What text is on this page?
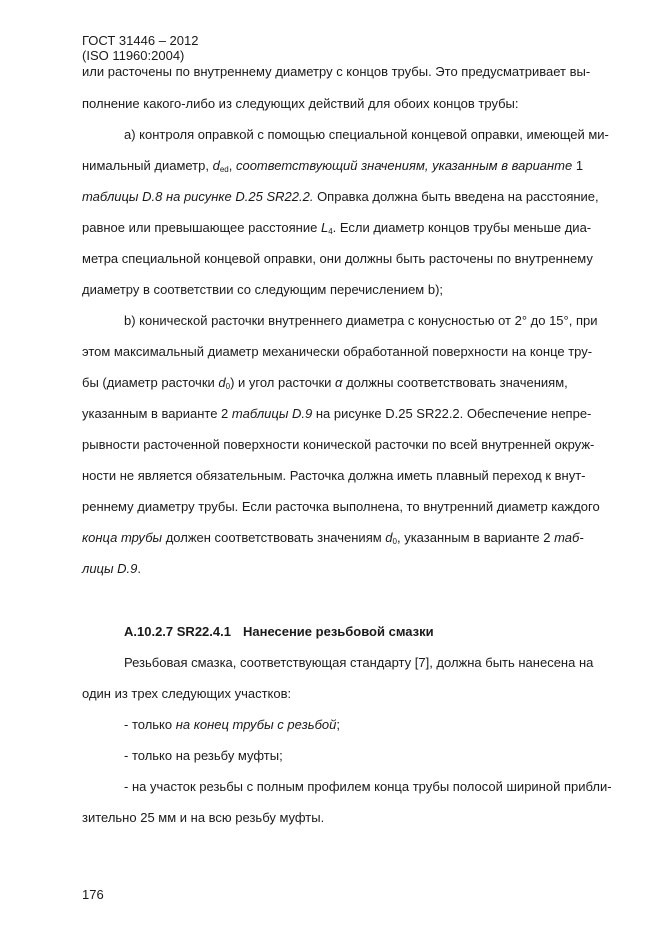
ГОСТ 31446 – 2012
(ISO 11960:2004)
или расточены по внутреннему диаметру с концов трубы. Это предусматривает вы-
полнение какого-либо из следующих действий для обоих концов трубы:
a) контроля оправкой с помощью специальной концевой оправки, имеющей ми-
нимальный диаметр, $d_{ed}$, соответствующий значениям, указанным в варианте 1
таблицы D.8 на рисунке D.25 SR22.2. Оправка должна быть введена на расстояние,
равное или превышающее расстояние $L_4$. Если диаметр концов трубы меньше диа-
метра специальной концевой оправки, они должны быть расточены по внутреннему
диаметру в соответствии со следующим перечислением b);
b) конической расточки внутреннего диаметра с конусностью от 2° до 15°, при
этом максимальный диаметр механически обработанной поверхности на конце тру-
бы (диаметр расточки $d_0$) и угол расточки α должны соответствовать значениям,
указанным в варианте 2 таблицы D.9 на рисунке D.25 SR22.2. Обеспечение непре-
рывности расточенной поверхности конической расточки по всей внутренней окруж-
ности не является обязательным. Расточка должна иметь плавный переход к внут-
реннему диаметру трубы. Если расточка выполнена, то внутренний диаметр каждого
конца трубы должен соответствовать значениям $d_0$, указанным в варианте 2 таб-
лицы D.9.
A.10.2.7 SR22.4.1 Нанесение резьбовой смазки
Резьбовая смазка, соответствующая стандарту [7], должна быть нанесена на
один из трех следующих участков:
- только на конец трубы с резьбой;
- только на резьбу муфты;
- на участок резьбы с полным профилем конца трубы полосой шириной прибли-
зительно 25 мм и на всю резьбу муфты.
176
